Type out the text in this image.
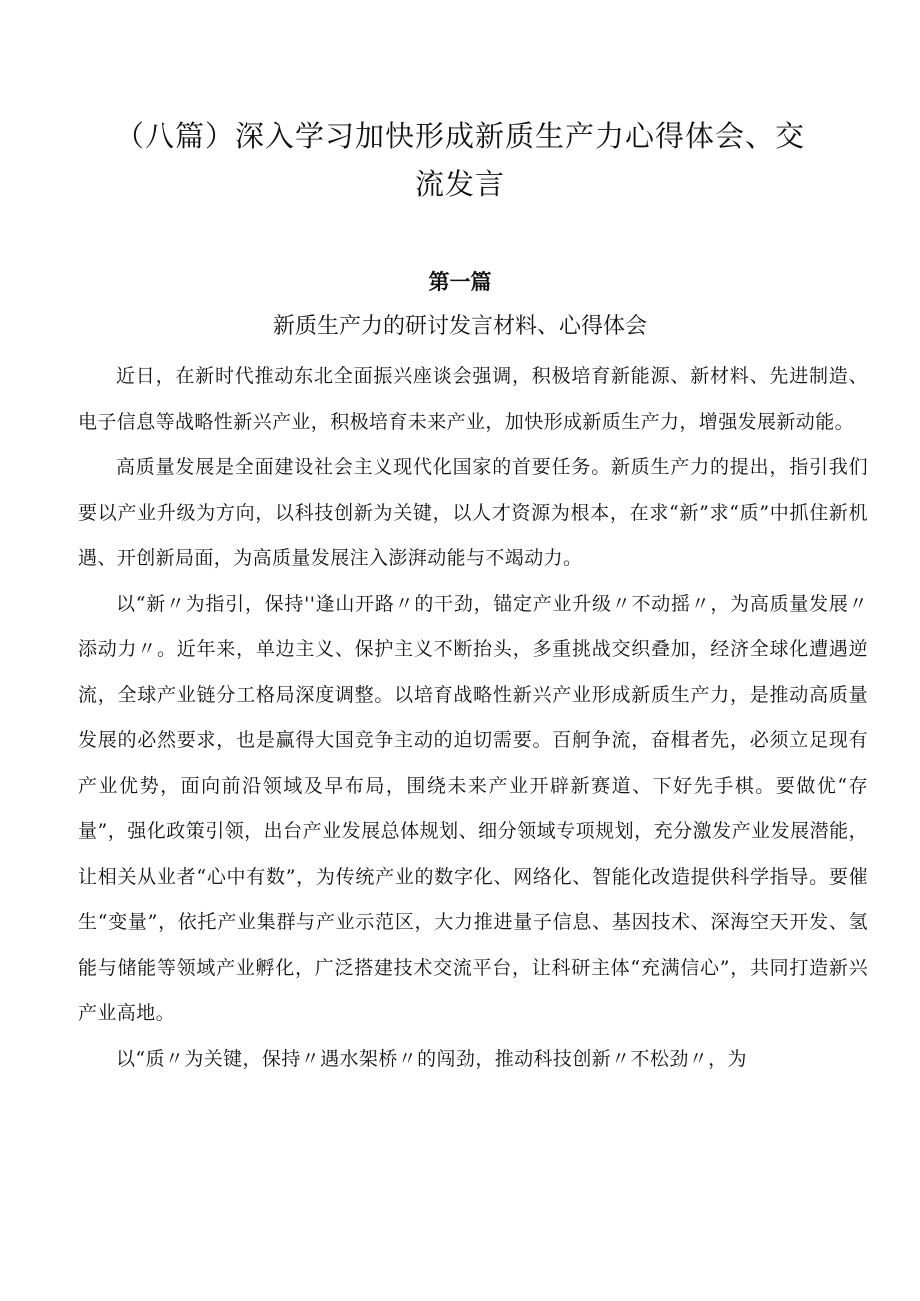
（八篇）深入学习加快形成新质生产力心得体会、交流发言
第一篇
新质生产力的研讨发言材料、心得体会

近日，在新时代推动东北全面振兴座谈会强调，积极培育新能源、新材料、先进制造、电子信息等战略性新兴产业，积极培育未来产业，加快形成新质生产力，增强发展新动能。

高质量发展是全面建设社会主义现代化国家的首要任务。新质生产力的提出，指引我们要以产业升级为方向，以科技创新为关键，以人才资源为根本，在求“新”求“质”中抓住新机遇、开创新局面，为高质量发展注入澎湃动能与不竭动力。

以“新〃为指引，保持''逢山开路〃的干劲，锚定产业升级〃不动摇〃，为高质量发展〃添动力〃。近年来，单边主义、保护主义不断抬头，多重挑战交织叠加，经济全球化遭遇逆流，全球产业链分工格局深度调整。以培育战略性新兴产业形成新质生产力，是推动高质量发展的必然要求，也是赢得大国竞争主动的迫切需要。百舸争流，奋楫者先，必须立足现有产业优势，面向前沿领域及早布局，围绕未来产业开辟新赛道、下好先手棋。要做优“存量”，强化政策引领，出台产业发展总体规划、细分领域专项规划，充分激发产业发展潜能，让相关从业者“心中有数”，为传统产业的数字化、网络化、智能化改造提供科学指导。要催生“变量”，依托产业集群与产业示范区，大力推进量子信息、基因技术、深海空天开发、氢能与储能等领域产业孵化，广泛搭建技术交流平台，让科研主体“充满信心”，共同打造新兴产业高地。

以“质〃为关键，保持〃遇水架桥〃的闯劲，推动科技创新〃不松劲〃，为
